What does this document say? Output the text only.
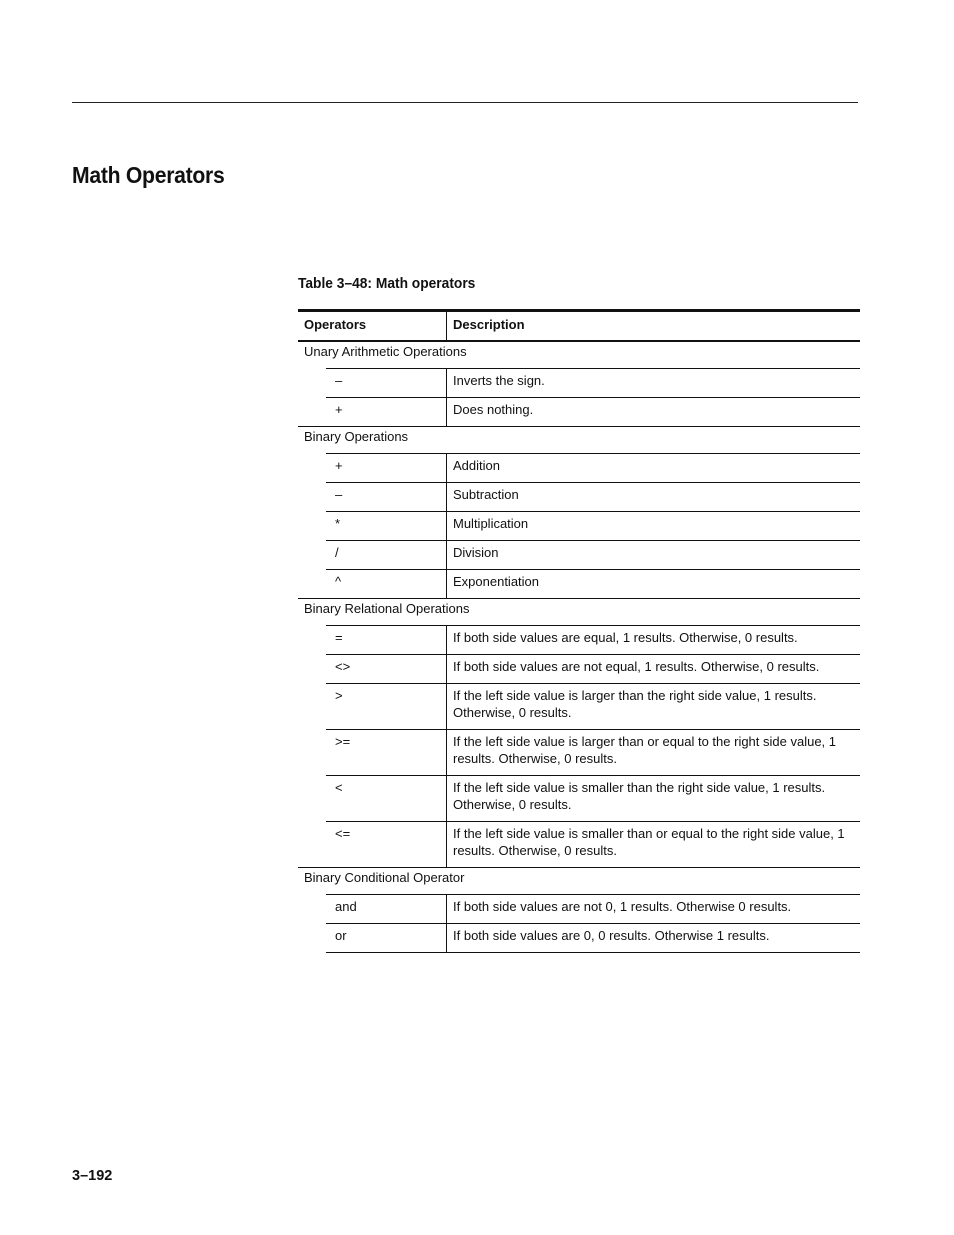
Math Operators

Table 3–48: Math operators

Operators		Description
Unary Arithmetic Operations		
	–	Inverts the sign.
	+	Does nothing.
Binary Operations		
	+	Addition
	–	Subtraction
	*	Multiplication
	/	Division
	^	Exponentiation
Binary Relational Operations		
	=	If both side values are equal, 1 results. Otherwise, 0 results.
	<>	If both side values are not equal, 1 results. Otherwise, 0 results.
	>	If the left side value is larger than the right side value, 1 results. Otherwise, 0 results.
	>=	If the left side value is larger than or equal to the right side value, 1 results. Otherwise, 0 results.
	<	If the left side value is smaller than the right side value, 1 results. Otherwise, 0 results.
	<=	If the left side value is smaller than or equal to the right side value, 1 results. Otherwise, 0 results.
Binary Conditional Operator		
	and	If both side values are not 0, 1 results. Otherwise 0 results.
	or	If both side values are 0, 0 results. Otherwise 1 results.

3–192
